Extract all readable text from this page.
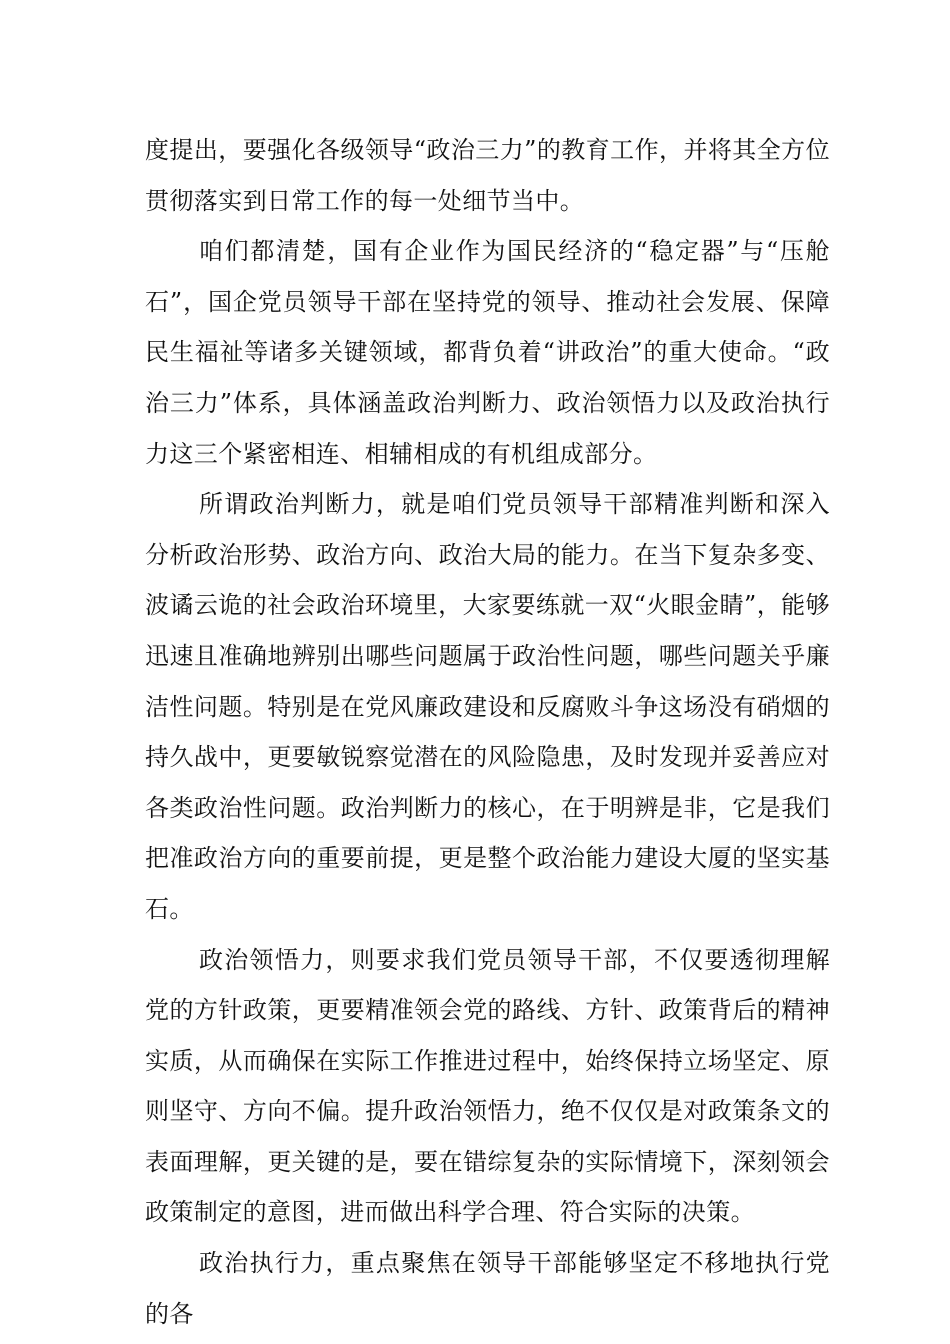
度提出，要强化各级领导“政治三力”的教育工作，并将其全方位贯彻落实到日常工作的每一处细节当中。

咱们都清楚，国有企业作为国民经济的“稳定器”与“压舱石”，国企党员领导干部在坚持党的领导、推动社会发展、保障民生福祉等诸多关键领域，都背负着“讲政治”的重大使命。“政治三力”体系，具体涵盖政治判断力、政治领悟力以及政治执行力这三个紧密相连、相辅相成的有机组成部分。

所谓政治判断力，就是咱们党员领导干部精准判断和深入分析政治形势、政治方向、政治大局的能力。在当下复杂多变、波谲云诡的社会政治环境里，大家要练就一双“火眼金睛”，能够迅速且准确地辨别出哪些问题属于政治性问题，哪些问题关乎廉洁性问题。特别是在党风廉政建设和反腐败斗争这场没有硝烟的持久战中，更要敏锐察觉潜在的风险隐患，及时发现并妥善应对各类政治性问题。政治判断力的核心，在于明辨是非，它是我们把准政治方向的重要前提，更是整个政治能力建设大厦的坚实基石。

政治领悟力，则要求我们党员领导干部，不仅要透彻理解党的方针政策，更要精准领会党的路线、方针、政策背后的精神实质，从而确保在实际工作推进过程中，始终保持立场坚定、原则坚守、方向不偏。提升政治领悟力，绝不仅仅是对政策条文的表面理解，更关键的是，要在错综复杂的实际情境下，深刻领会政策制定的意图，进而做出科学合理、符合实际的决策。

政治执行力，重点聚焦在领导干部能够坚定不移地执行党的各
